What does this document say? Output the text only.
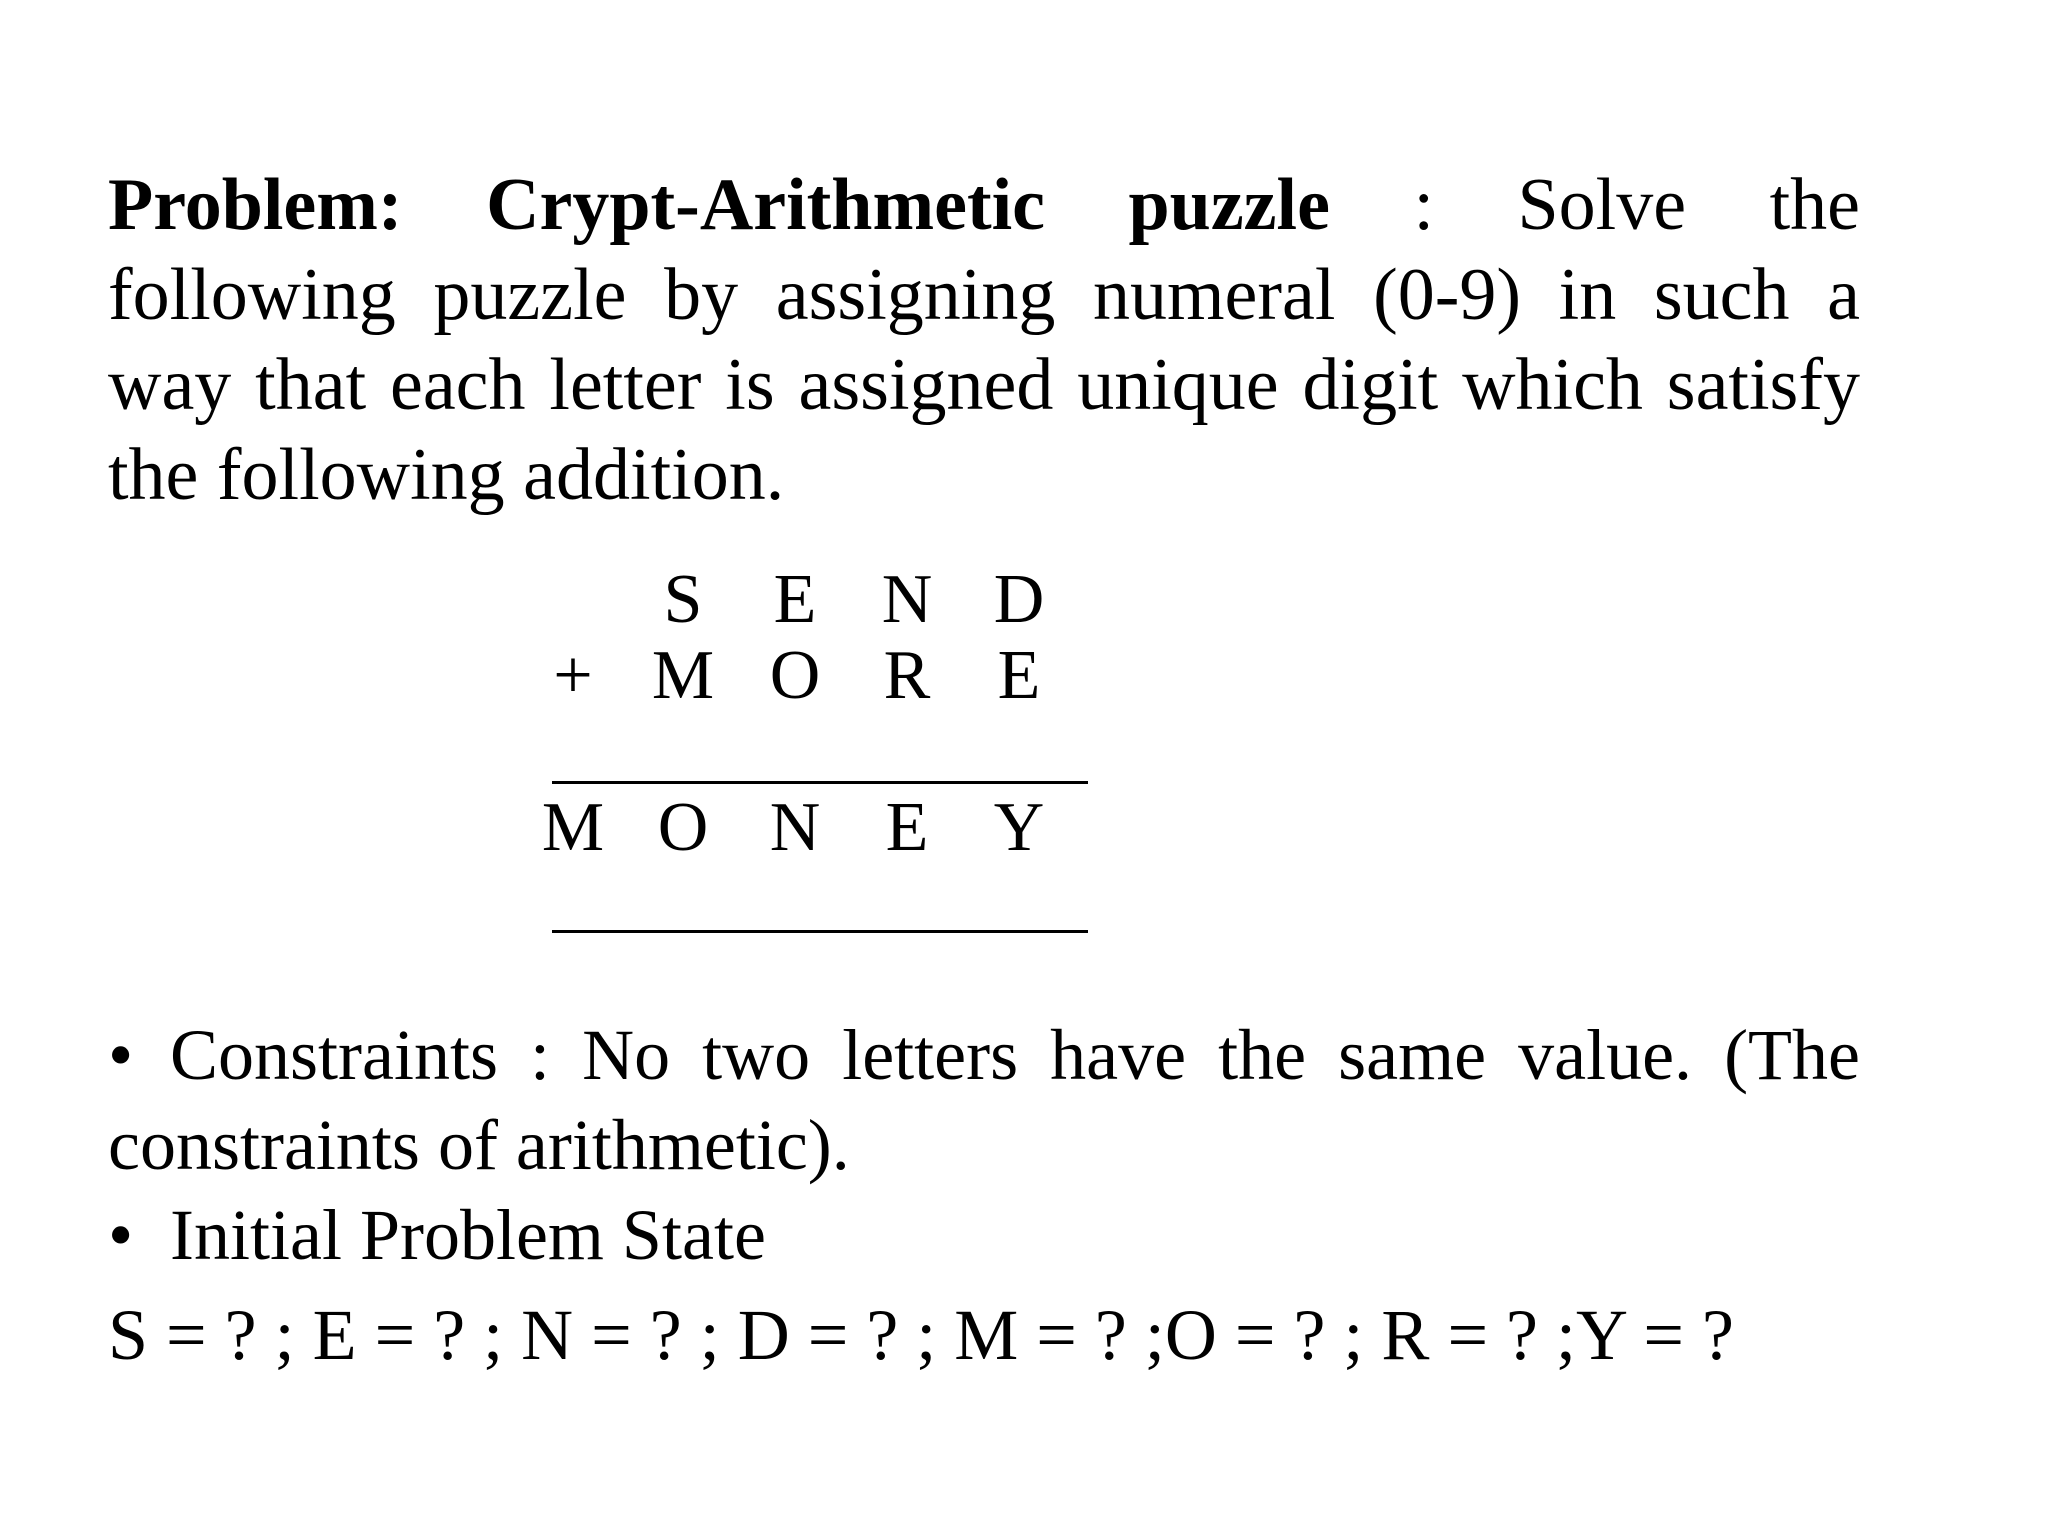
Problem: Crypt-Arithmetic puzzle : Solve the
following puzzle by assigning numeral (0-9) in such a
way that each letter is assigned unique digit which satisfy
the following addition.
S E N D
+ M O R E
M O N E Y
• Constraints : No two letters have the same value. (The
constraints of arithmetic).
• Initial Problem State
S = ? ; E = ? ; N = ? ; D = ? ; M = ? ;O = ? ; R = ? ;Y = ?
